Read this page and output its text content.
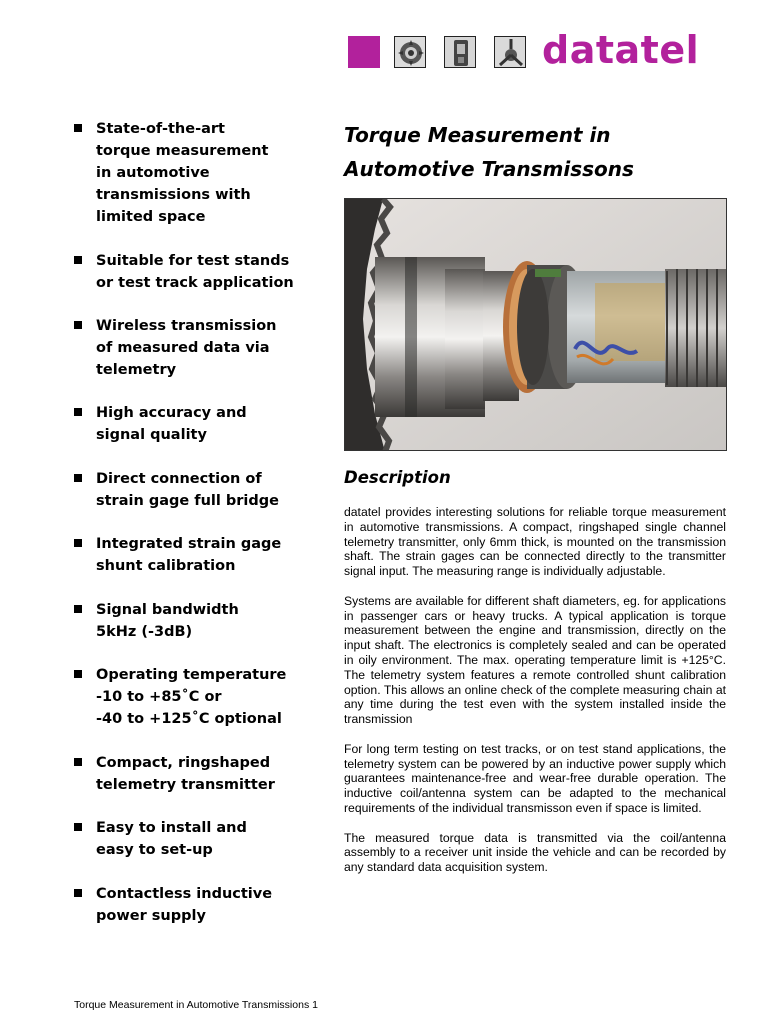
datatel
State-of-the-art
torque measurement
in automotive
transmissions with
limited space
Suitable for test stands
or test track application
Wireless transmission
of measured data via
telemetry
High accuracy and
signal quality
Direct connection of
strain gage full bridge
Integrated strain gage
shunt calibration
Signal bandwidth
5kHz (-3dB)
Operating temperature
-10 to +85˚C or
-40 to +125˚C optional
Compact, ringshaped
telemetry transmitter
Easy to install and
easy to set-up
Contactless inductive
power supply
Torque Measurement in
Automotive Transmissons
Description

datatel provides interesting solutions for reliable torque measurement in automotive transmissions. A compact, ringshaped single channel telemetry transmitter, only 6mm thick, is mounted on the transmission shaft. The strain gages can be connected directly to the transmitter signal input. The measuring range is individually adjustable.

Systems are available for different shaft diameters, eg. for applications in passenger cars or heavy trucks. A typical application is torque measurement between the engine and transmission, directly on the input shaft. The electronics is completely sealed and can be operated in oily environment. The max. operating temperature limit is +125°C. The telemetry system features a remote controlled shunt calibration option. This allows an online check of the complete measuring chain at any time during the test even with the system installed inside the transmission

For long term testing on test tracks, or on test stand applications, the telemetry system can be powered by an inductive power supply which guarantees maintenance-free and wear-free durable operation. The inductive coil/antenna system can be adapted to the mechanical requirements of the individual transmisson even if space is limited.

The measured torque data is transmitted via the coil/antenna assembly to a receiver unit inside the vehicle and can be recorded by any standard data acquisition system.

Torque Measurement in Automotive Transmissions 1
